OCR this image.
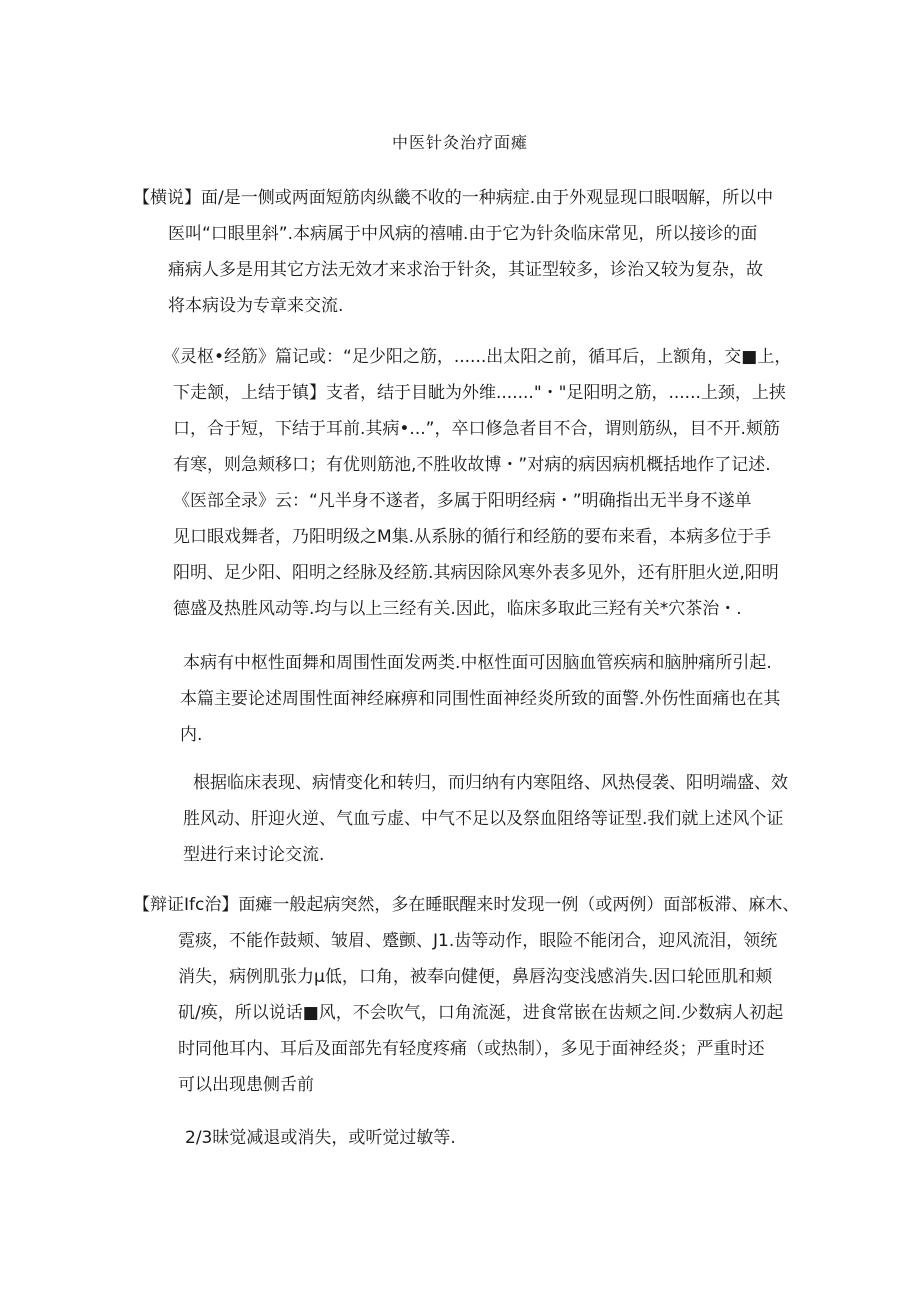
中医针灸治疗面瘫
【横说】面/是一侧或两面短筋肉纵畿不收的一种病症.由于外观显现口眼咽解，所以中
医叫“口眼里斜”.本病属于中风病的禧哺.由于它为针灸临床常见，所以接诊的面
痛病人多是用其它方法无效才来求治于针灸，其证型较多，诊治又较为复杂，故
将本病设为专章来交流.
《灵枢•经筋》篇记或：“足少阳之筋，......出太阳之前，循耳后，上额角，交■上，
下走颔，上结于镇】支者，结于目眦为外维......."・"足阳明之筋，......上颈，上挟
口，合于短，下结于耳前.其病•...”，卒口修急者目不合，谓则筋纵，目不开.颊筋
有寒，则急颊移口；有优则筋池,不胜收故博・”对病的病因病机概括地作了记述.
《医部全录》云：“凡半身不遂者，多属于阳明经病・”明确指出无半身不遂单
见口眼戏舞者，乃阳明级之M集.从系脉的循行和经筋的要布来看，本病多位于手
阳明、足少阳、阳明之经脉及经筋.其病因除风寒外表多见外，还有肝胆火逆,阳明
德盛及热胜风动等.均与以上三经有关.因此，临床多取此三羟有关*穴茶治・.
本病有中枢性面舞和周围性面发两类.中枢性面可因脑血管疾病和脑肿痛所引起.
本篇主要论述周围性面神经麻痹和同围性面神经炎所致的面警.外伤性面痛也在其
内.
根据临床表现、病情变化和转归，而归纳有内寒阻络、风热侵袭、阳明端盛、效
胜风动、肝迎火逆、气血亏虚、中气不足以及祭血阻络等证型.我们就上述风个证
型进行来讨论交流.
【辩证Ifc治】面瘫一般起病突然，多在睡眠醒来时发现一例（或两例）面部板滞、麻木、
霓痰，不能作鼓颊、皱眉、蹙颤、J1.齿等动作，眼险不能闭合，迎风流泪，领统
消失，病例肌张力μ低，口角，被奉向健便，鼻唇沟变浅感消失.因口轮匝肌和颊
矶/痪，所以说话■风，不会吹气，口角流涎，进食常嵌在齿颊之间.少数病人初起
时同他耳内、耳后及面部先有轻度疼痛（或热制），多见于面神经炎；严重时还
可以出现患侧舌前
2/3昧觉减退或消失，或听觉过敏等.
